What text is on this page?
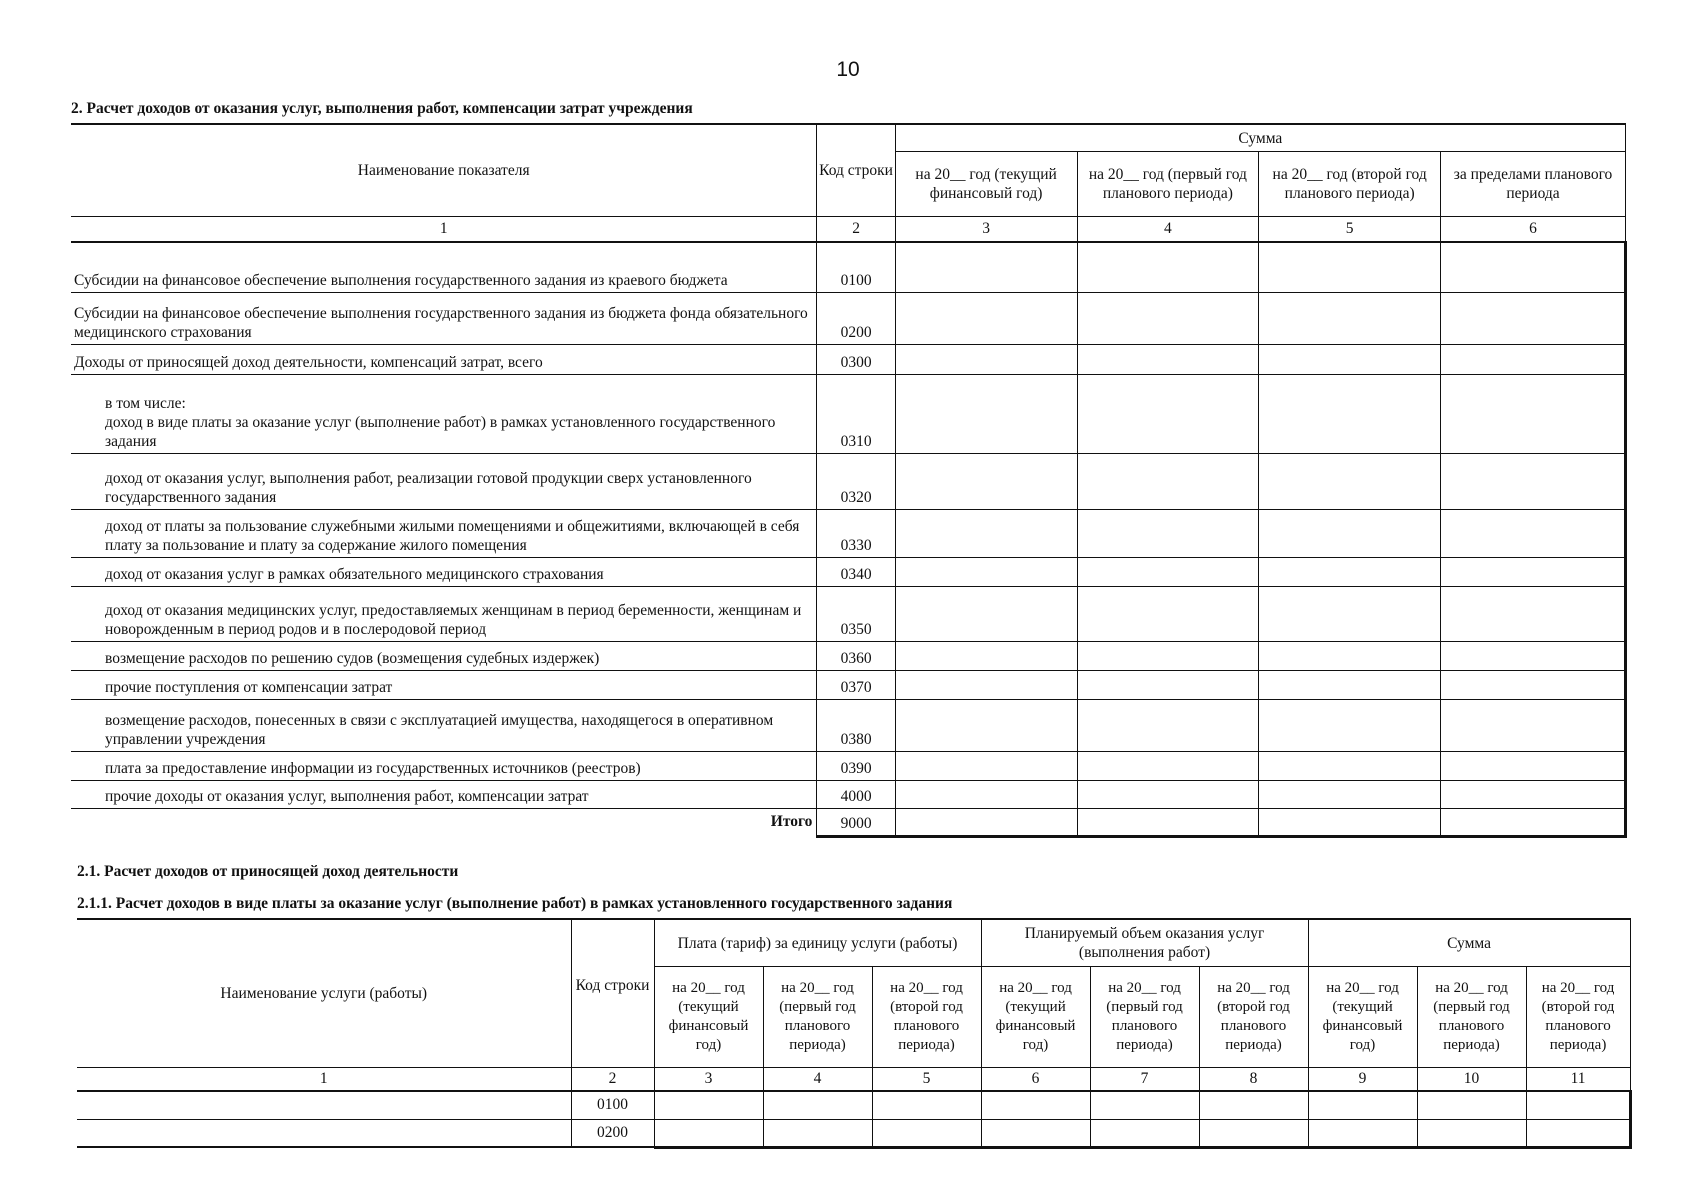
10
2. Расчет доходов от оказания услуг, выполнения работ, компенсации затрат учреждения
Наименование показателя	Код строки	Сумма			
		на 20__ год (текущий финансовый год)	на 20__ год (первый год планового периода)	на 20__ год (второй год планового периода)	за пределами планового периода
1	2	3	4	5	6
Субсидии на финансовое обеспечение выполнения государственного задания из краевого бюджета	0100				
Субсидии на финансовое обеспечение выполнения государственного задания из бюджета фонда обязательного медицинского страхования	0200				
Доходы от приносящей доход деятельности, компенсаций затрат, всего	0300				

в том числе:
доход в виде платы за оказание услуг (выполнение работ) в рамках установленного государственного задания	0310				
доход от оказания услуг, выполнения работ, реализации готовой продукции сверх установленного государственного задания	0320				
доход от платы за пользование служебными жилыми помещениями и общежитиями, включающей в себя плату за пользование и плату за содержание жилого помещения	0330				
доход от оказания услуг в рамках обязательного медицинского страхования	0340				
доход от оказания медицинских услуг, предоставляемых женщинам в период беременности, женщинам и новорожденным в период родов и в послеродовой период	0350				
возмещение расходов по решению судов (возмещения судебных издержек)	0360				
прочие поступления от компенсации затрат	0370				
возмещение расходов, понесенных в связи с эксплуатацией имущества, находящегося в оперативном управлении учреждения	0380				
плата за предоставление информации из государственных источников (реестров)	0390				
прочие доходы от оказания услуг, выполнения работ, компенсации затрат	4000				
Итого	9000				
2.1. Расчет доходов от приносящей доход деятельности
2.1.1. Расчет доходов в виде платы за оказание услуг (выполнение работ) в рамках установленного государственного задания
Наименование услуги (работы)	Код строки	Плата (тариф) за единицу услуги (работы)			Планируемый объем оказания услуг (выполнения работ)			Сумма		
		на 20__ год (текущий финансовый год)	на 20__ год (первый год планового периода)	на 20__ год (второй год планового периода)	на 20__ год (текущий финансовый год)	на 20__ год (первый год планового периода)	на 20__ год (второй год планового периода)	на 20__ год (текущий финансовый год)	на 20__ год (первый год планового периода)	на 20__ год (второй год планового периода)
1	2	3	4	5	6	7	8	9	10	11
	0100									
	0200									
